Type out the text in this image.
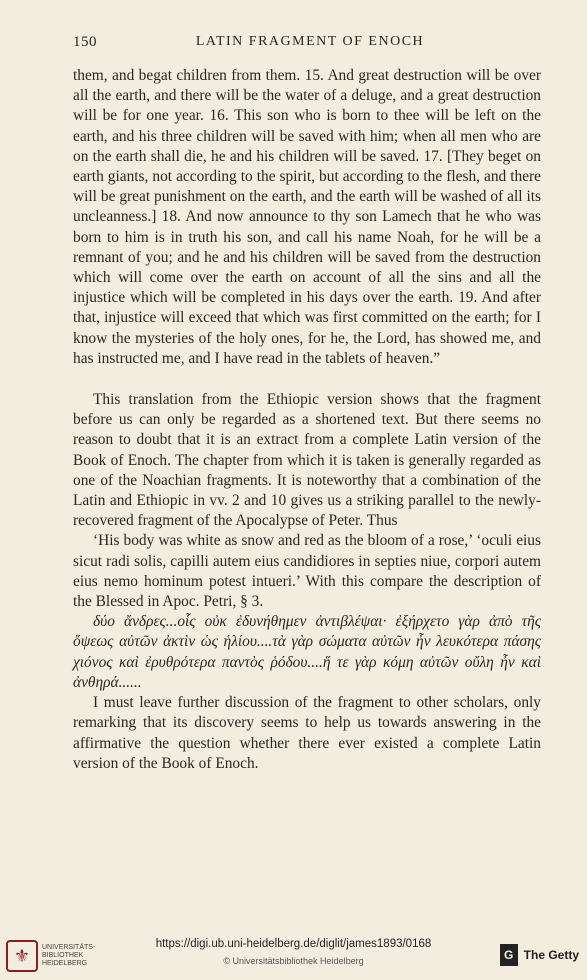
150	LATIN FRAGMENT OF ENOCH

them, and begat children from them. 15. And great destruction will be over all the earth, and there will be the water of a deluge, and a great destruction will be for one year. 16. This son who is born to thee will be left on the earth, and his three children will be saved with him; when all men who are on the earth shall die, he and his children will be saved. 17. [They beget on earth giants, not according to the spirit, but according to the flesh, and there will be great punishment on the earth, and the earth will be washed of all its uncleanness.] 18. And now announce to thy son Lamech that he who was born to him is in truth his son, and call his name Noah, for he will be a remnant of you; and he and his children will be saved from the destruction which will come over the earth on account of all the sins and all the injustice which will be completed in his days over the earth. 19. And after that, injustice will exceed that which was first committed on the earth; for I know the mysteries of the holy ones, for he, the Lord, has showed me, and has instructed me, and I have read in the tablets of heaven.”

This translation from the Ethiopic version shows that the fragment before us can only be regarded as a shortened text. But there seems no reason to doubt that it is an extract from a complete Latin version of the Book of Enoch. The chapter from which it is taken is generally regarded as one of the Noachian fragments. It is noteworthy that a combination of the Latin and Ethiopic in vv. 2 and 10 gives us a striking parallel to the newly-recovered fragment of the Apocalypse of Peter. Thus

‘His body was white as snow and red as the bloom of a rose,’ ‘oculi eius sicut radi solis, capilli autem eius candidiores in septies niue, corpori autem eius nemo hominum potest intueri.’ With this compare the description of the Blessed in Apoc. Petri, § 3.

δύο ἄνδρες...οἷς οὐκ ἐδυνήθημεν ἀντιβλέψαι· ἐξήρχετο γὰρ ἀπὸ τῆς ὄψεως αὐτῶν ἀκτὶν ὡς ἡλίου....τὰ γὰρ σώματα αὐτῶν ἦν λευκότερα πάσης χιόνος καὶ ἐρυθρότερα παντὸς ῥόδου....ἥ τε γὰρ κόμη αὐτῶν οὔλη ἦν καὶ ἀνθηρά......

I must leave further discussion of the fragment to other scholars, only remarking that its discovery seems to help us towards answering in the affirmative the question whether there ever existed a complete Latin version of the Book of Enoch.

⚜	UNIVERSITÄTS-
BIBLIOTHEK
HEIDELBERG
https://digi.ub.uni-heidelberg.de/diglit/james1893/0168
© Universitätsbibliothek Heidelberg	G The Getty
